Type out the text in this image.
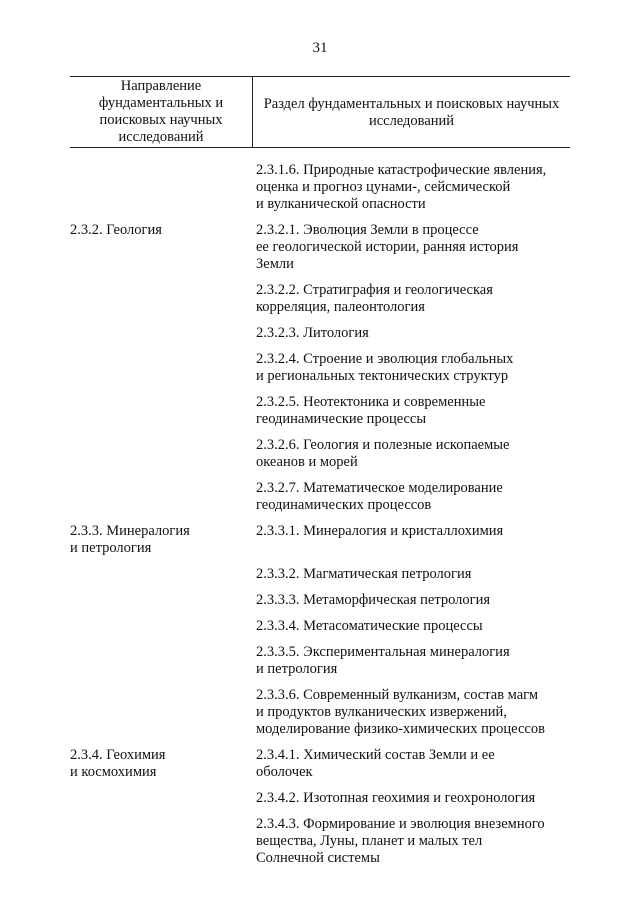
31
Направление фундаментальных и поисковых научных исследований
Раздел фундаментальных и поисковых научных исследований
2.3.1.6. Природные катастрофические явления,
оценка и прогноз цунами-, сейсмической
и вулканической опасности
2.3.2. Геология	2.3.2.1. Эволюция Земли в процессе
ее геологической истории, ранняя история
Земли
2.3.2.2. Стратиграфия и геологическая
корреляция, палеонтология
2.3.2.3. Литология
2.3.2.4. Строение и эволюция глобальных
и региональных тектонических структур
2.3.2.5. Неотектоника и современные
геодинамические процессы
2.3.2.6. Геология и полезные ископаемые
океанов и морей
2.3.2.7. Математическое моделирование
геодинамических процессов
2.3.3. Минералогия
и петрология
2.3.3.1. Минералогия и кристаллохимия
2.3.3.2. Магматическая петрология
2.3.3.3. Метаморфическая петрология
2.3.3.4. Метасоматические процессы
2.3.3.5. Экспериментальная минералогия
и петрология
2.3.3.6. Современный вулканизм, состав магм
и продуктов вулканических извержений,
моделирование физико-химических процессов
2.3.4. Геохимия
и космохимия
2.3.4.1. Химический состав Земли и ее
оболочек
2.3.4.2. Изотопная геохимия и геохронология
2.3.4.3. Формирование и эволюция внеземного
вещества, Луны, планет и малых тел
Солнечной системы
